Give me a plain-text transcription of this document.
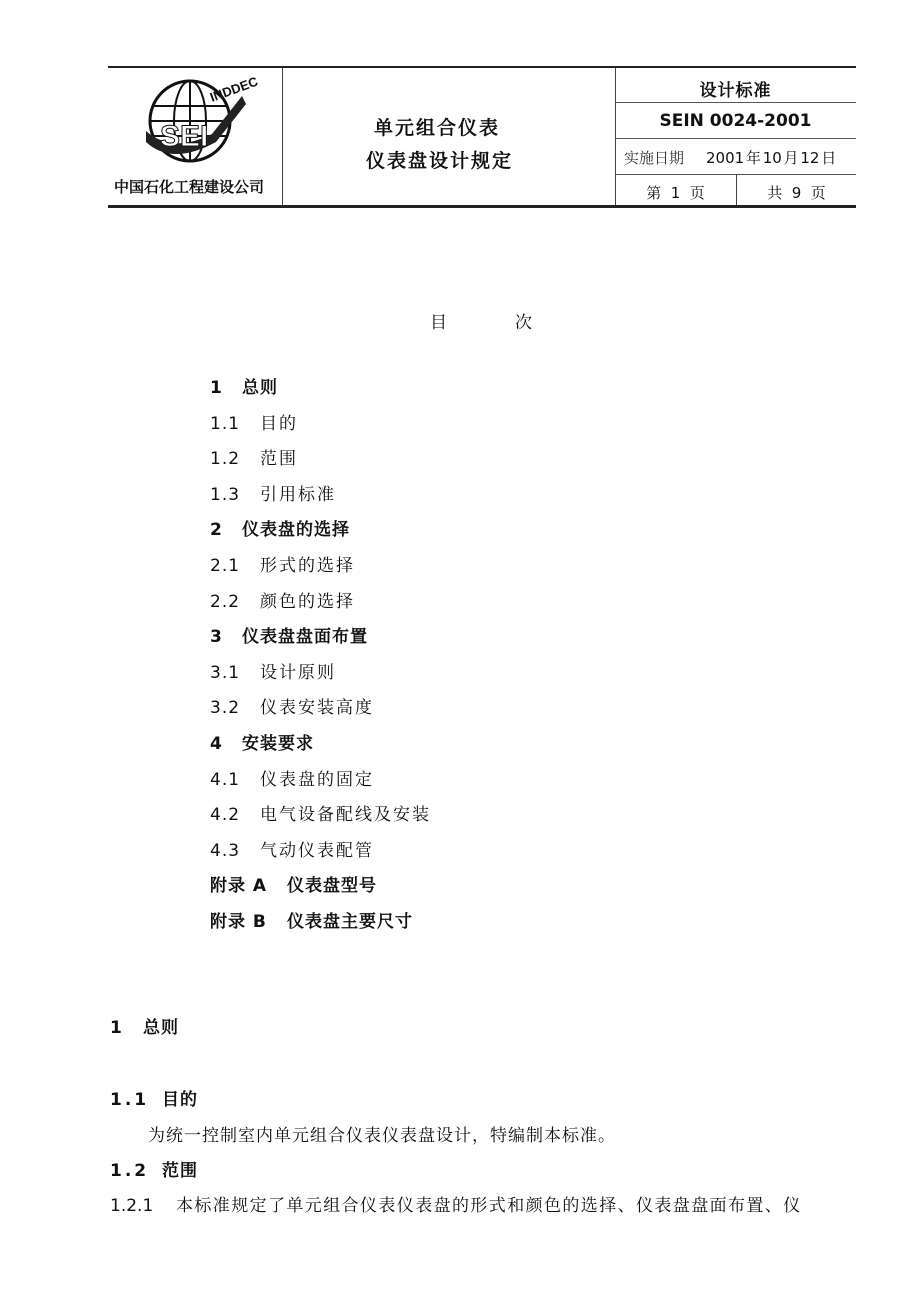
INDDEC
SEI
中国石化工程建设公司
单元组合仪表
仪表盘设计规定
设计标准
SEIN 0024-2001
实施日期 2001 年 10 月 12 日
第  1  页	共  9  页
目	次
1 总则
1.1 目的
1.2 范围
1.3 引用标准
2 仪表盘的选择
2.1 形式的选择
2.2 颜色的选择
3 仪表盘盘面布置
3.1 设计原则
3.2 仪表安装高度
4 安装要求
4.1 仪表盘的固定
4.2 电气设备配线及安装
4.3 气动仪表配管
附录 A 仪表盘型号
附录 B 仪表盘主要尺寸
1 总则
1.1 目的
为统一控制室内单元组合仪表仪表盘设计，特编制本标准。
1.2 范围
1.2.1 本标准规定了单元组合仪表仪表盘的形式和颜色的选择、仪表盘盘面布置、仪
